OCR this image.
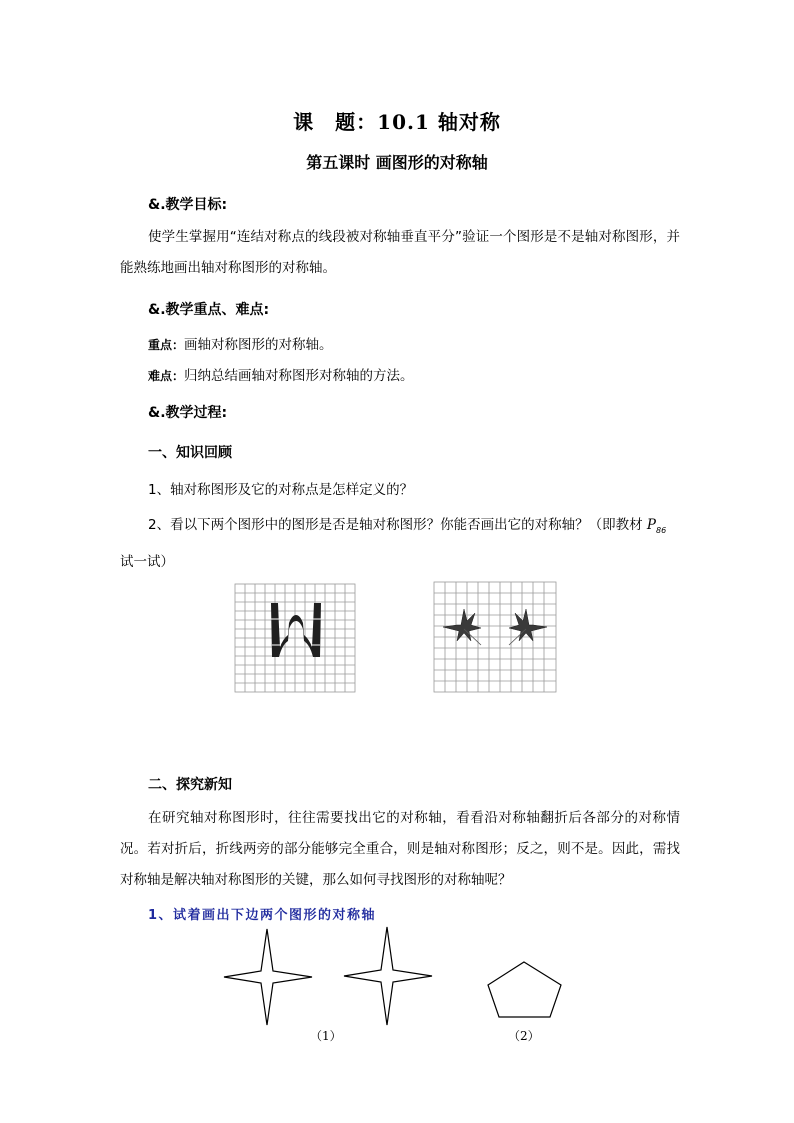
课　题：10.1 轴对称
第五课时 画图形的对称轴
&.教学目标:
使学生掌握用“连结对称点的线段被对称轴垂直平分”验证一个图形是不是轴对称图形，并能熟练地画出轴对称图形的对称轴。
&.教学重点、难点:
重点：画轴对称图形的对称轴。
难点：归纳总结画轴对称图形对称轴的方法。
&.教学过程:
一、知识回顾
1、轴对称图形及它的对称点是怎样定义的？
2、看以下两个图形中的图形是否是轴对称图形？你能否画出它的对称轴？（即教材 $P_{86}$
试一试）
二、探究新知
在研究轴对称图形时，往往需要找出它的对称轴，看看沿对称轴翻折后各部分的对称情况。若对折后，折线两旁的部分能够完全重合，则是轴对称图形；反之，则不是。因此，需找对称轴是解决轴对称图形的关键，那么如何寻找图形的对称轴呢？
1、试着画出下边两个图形的对称轴
（1）	（2）
